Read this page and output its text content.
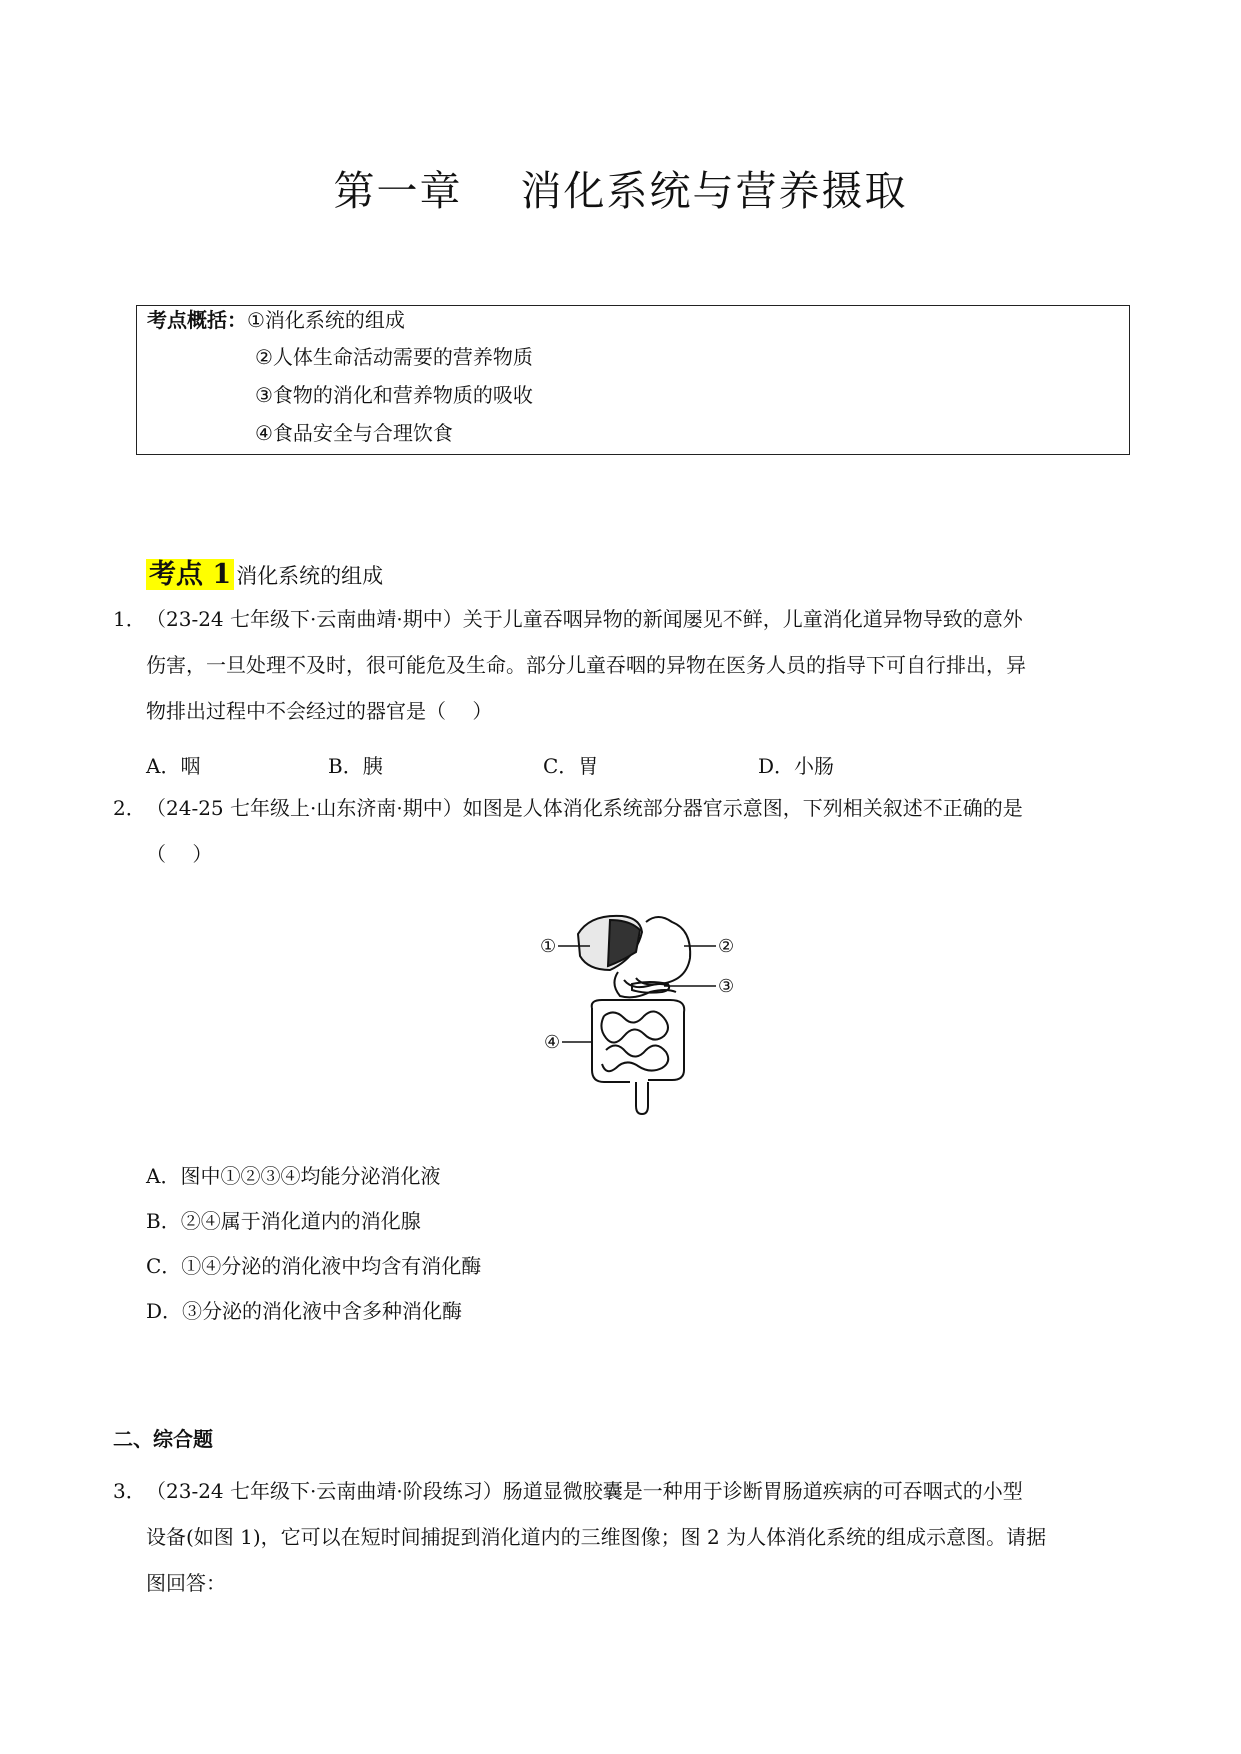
第一章 消化系统与营养摄取
考点概括：①消化系统的组成
②人体生命活动需要的营养物质
③食物的消化和营养物质的吸收
④食品安全与合理饮食
考点 1 消化系统的组成
1． （23-24 七年级下·云南曲靖·期中）关于儿童吞咽异物的新闻屡见不鲜，儿童消化道异物导致的意外
伤害，一旦处理不及时，很可能危及生命。部分儿童吞咽的异物在医务人员的指导下可自行排出，异
物排出过程中不会经过的器官是（　 ）
A．咽	B．胰	C．胃	D．小肠
2． （24-25 七年级上·山东济南·期中）如图是人体消化系统部分器官示意图，下列相关叙述不正确的是
（　 ）
①	②
③
④
A．图中①②③④均能分泌消化液
B．②④属于消化道内的消化腺
C．①④分泌的消化液中均含有消化酶
D．③分泌的消化液中含多种消化酶
二、综合题
3． （23-24 七年级下·云南曲靖·阶段练习）肠道显微胶囊是一种用于诊断胃肠道疾病的可吞咽式的小型
设备(如图 1)，它可以在短时间捕捉到消化道内的三维图像；图 2 为人体消化系统的组成示意图。请据
图回答：
